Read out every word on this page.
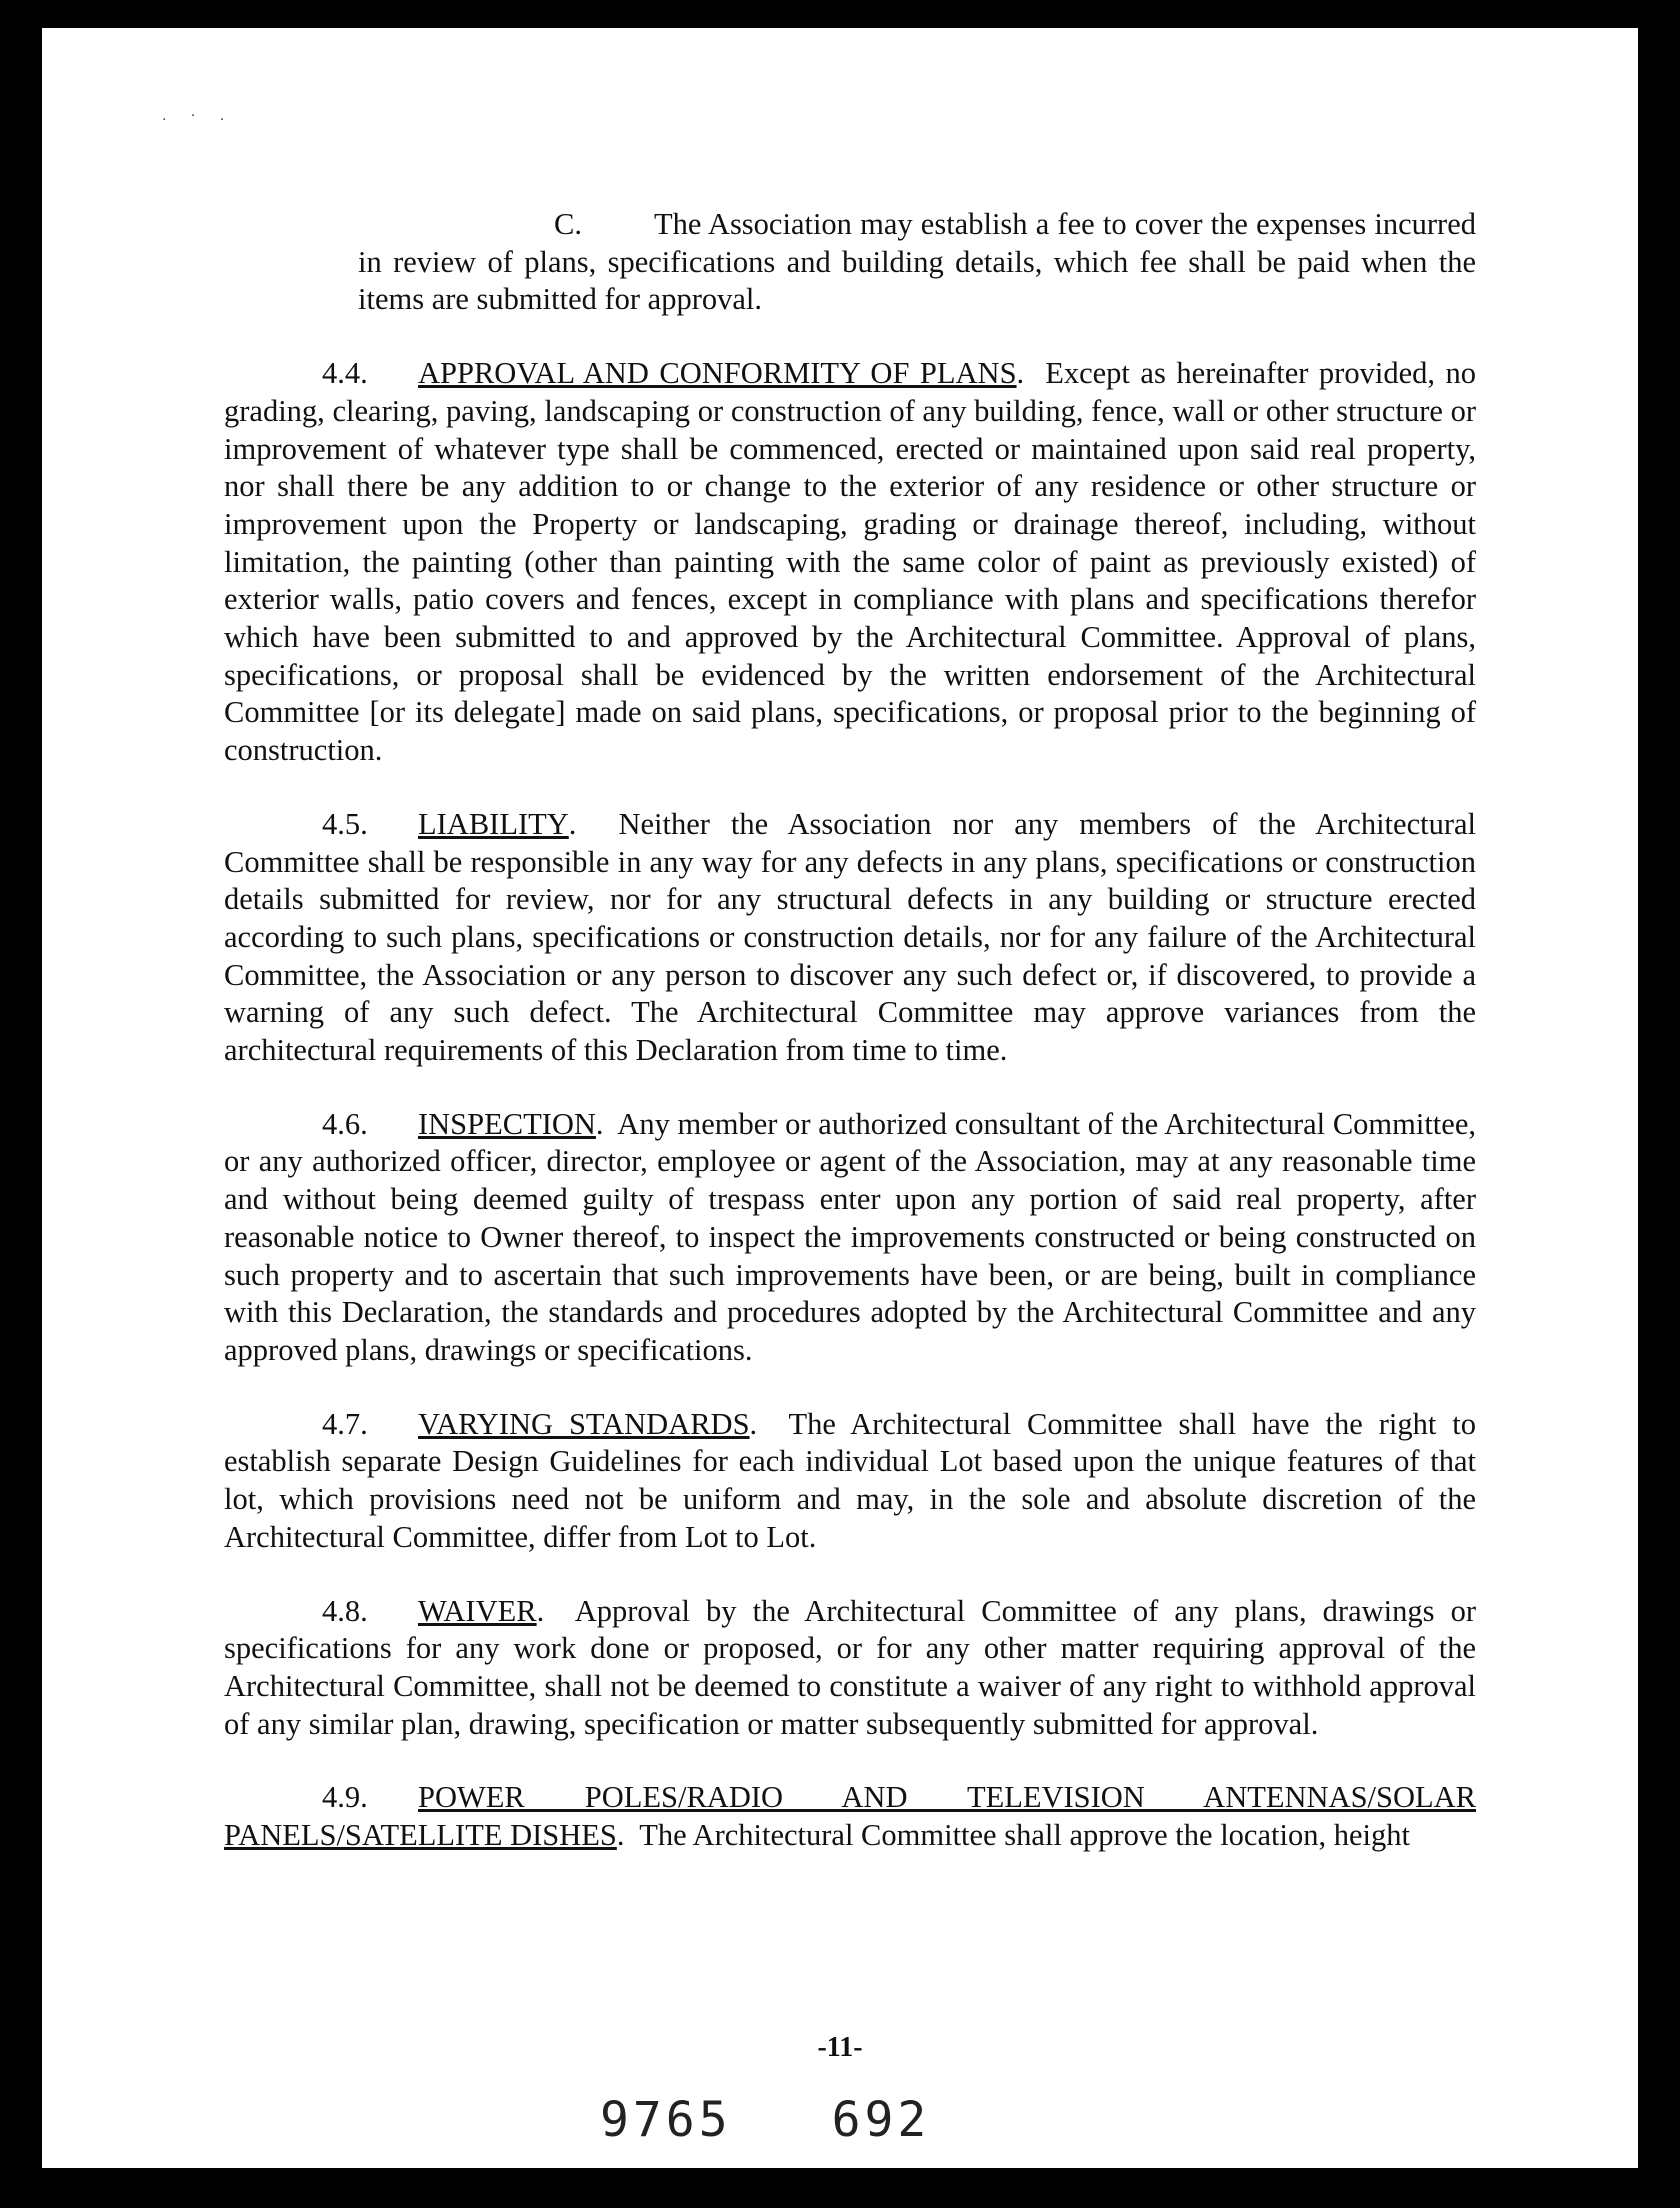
. · .

C. The Association may establish a fee to cover the expenses incurred in review of plans, specifications and building details, which fee shall be paid when the items are submitted for approval.

4.4. APPROVAL AND CONFORMITY OF PLANS.  Except as hereinafter provided, no grading, clearing, paving, landscaping or construction of any building, fence, wall or other structure or improvement of whatever type shall be commenced, erected or maintained upon said real property, nor shall there be any addition to or change to the exterior of any residence or other structure or improvement upon the Property or landscaping, grading or drainage thereof, including, without limitation, the painting (other than painting with the same color of paint as previously existed) of exterior walls, patio covers and fences, except in compliance with plans and specifications therefor which have been submitted to and approved by the Architectural Committee. Approval of plans, specifications, or proposal shall be evidenced by the written endorsement of the Architectural Committee [or its delegate] made on said plans, specifications, or proposal prior to the beginning of construction.

4.5. LIABILITY.  Neither the Association nor any members of the Architectural Committee shall be responsible in any way for any defects in any plans, specifications or construction details submitted for review, nor for any structural defects in any building or structure erected according to such plans, specifications or construction details, nor for any failure of the Architectural Committee, the Association or any person to discover any such defect or, if discovered, to provide a warning of any such defect. The Architectural Committee may approve variances from the architectural requirements of this Declaration from time to time.

4.6. INSPECTION.  Any member or authorized consultant of the Architectural Committee, or any authorized officer, director, employee or agent of the Association, may at any reasonable time and without being deemed guilty of trespass enter upon any portion of said real property, after reasonable notice to Owner thereof, to inspect the improvements constructed or being constructed on such property and to ascertain that such improvements have been, or are being, built in compliance with this Declaration, the standards and procedures adopted by the Architectural Committee and any approved plans, drawings or specifications.

4.7. VARYING STANDARDS.  The Architectural Committee shall have the right to establish separate Design Guidelines for each individual Lot based upon the unique features of that lot, which provisions need not be uniform and may, in the sole and absolute discretion of the Architectural Committee, differ from Lot to Lot.

4.8. WAIVER.  Approval by the Architectural Committee of any plans, drawings or specifications for any work done or proposed, or for any other matter requiring approval of the Architectural Committee, shall not be deemed to constitute a waiver of any right to withhold approval of any similar plan, drawing, specification or matter subsequently submitted for approval.

4.9. POWER POLES/RADIO AND TELEVISION ANTENNAS/SOLAR PANELS/SATELLITE DISHES.  The Architectural Committee shall approve the location, height

-11-
9765 692
